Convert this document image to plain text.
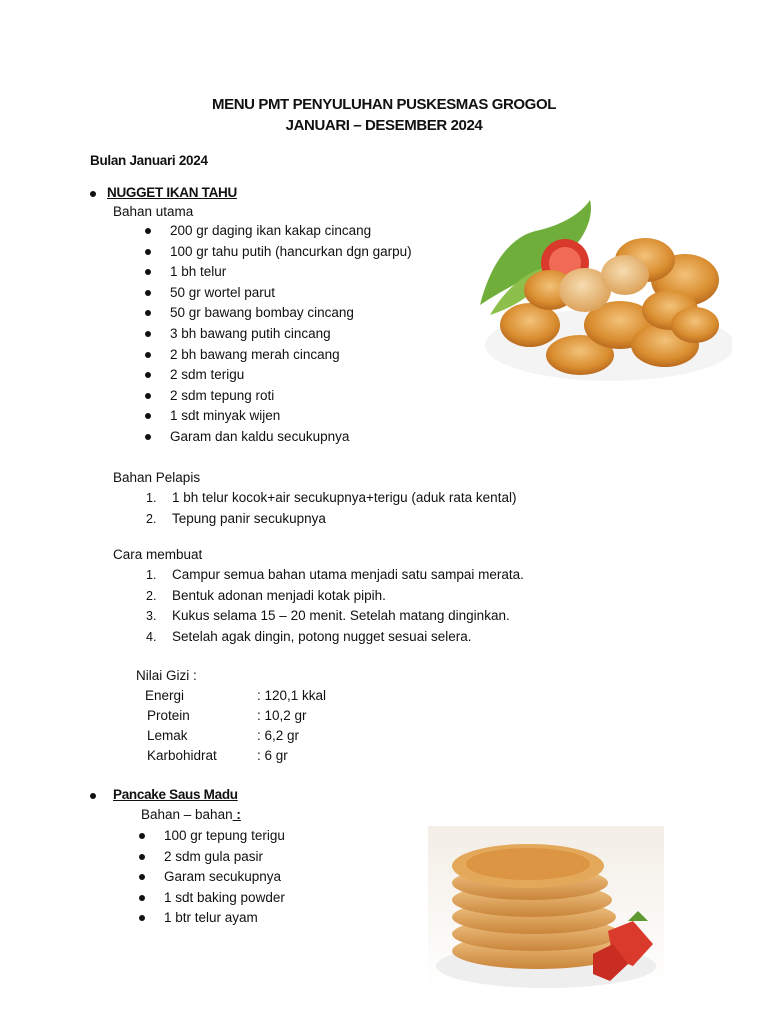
MENU PMT PENYULUHAN PUSKESMAS GROGOL
JANUARI – DESEMBER 2024
Bulan Januari 2024
NUGGET IKAN TAHU
Bahan utama
200 gr daging ikan kakap cincang
100 gr tahu putih (hancurkan dgn garpu)
1 bh telur
50 gr wortel parut
50 gr bawang bombay cincang
3 bh bawang putih cincang
2 bh bawang merah cincang
2 sdm terigu
2 sdm tepung roti
1 sdt minyak wijen
Garam dan kaldu secukupnya
Bahan Pelapis
1. 1 bh telur kocok+air secukupnya+terigu (aduk rata kental)
2. Tepung panir secukupnya
Cara membuat
1. Campur semua bahan utama menjadi satu sampai merata.
2. Bentuk adonan menjadi kotak pipih.
3. Kukus selama 15 – 20 menit. Setelah matang dinginkan.
4. Setelah agak dingin, potong nugget sesuai selera.
Nilai Gizi :
Energi	: 120,1 kkal
Protein	: 10,2 gr
Lemak	: 6,2 gr
Karbohidrat	: 6 gr
Pancake Saus Madu
Bahan – bahan :
100 gr tepung terigu
2 sdm gula pasir
Garam secukupnya
1 sdt baking powder
1 btr telur ayam
